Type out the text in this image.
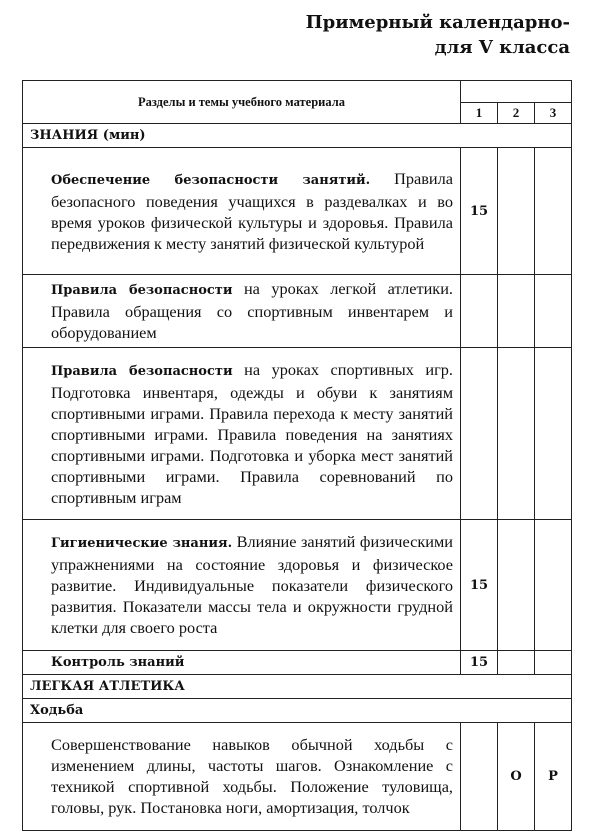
Примерный календарно-
для V класса
Разделы и темы учебного материала			
	1	2	3
ЗНАНИЯ (мин)			
Обеспечение безопасности занятий. Правила безопасного поведения учащихся в раздевалках и во время уроков физической культуры и здоровья. Правила передвижения к месту занятий физической культурой	15		
Правила безопасности на уроках легкой атлетики. Правила обращения со спортивным инвентарем и оборудованием			
Правила безопасности на уроках спортивных игр. Подготовка инвентаря, одежды и обуви к занятиям спортивными играми. Правила перехода к месту занятий спортивными играми. Правила поведения на занятиях спортивными играми. Подготовка и уборка мест занятий спортивными играми. Правила соревнований по спортивным играм			
Гигиенические знания. Влияние занятий физическими упражнениями на состояние здоровья и физическое развитие. Индивидуальные показатели физического развития. Показатели массы тела и окружности грудной клетки для своего роста	15		
Контроль знаний	15		
ЛЕГКАЯ АТЛЕТИКА			
Ходьба			
Совершенствование навыков обычной ходьбы с изменением длины, частоты шагов. Ознакомление с техникой спортивной ходьбы. Положение туловища, головы, рук. Постановка ноги, амортизация, толчок		О	Р
